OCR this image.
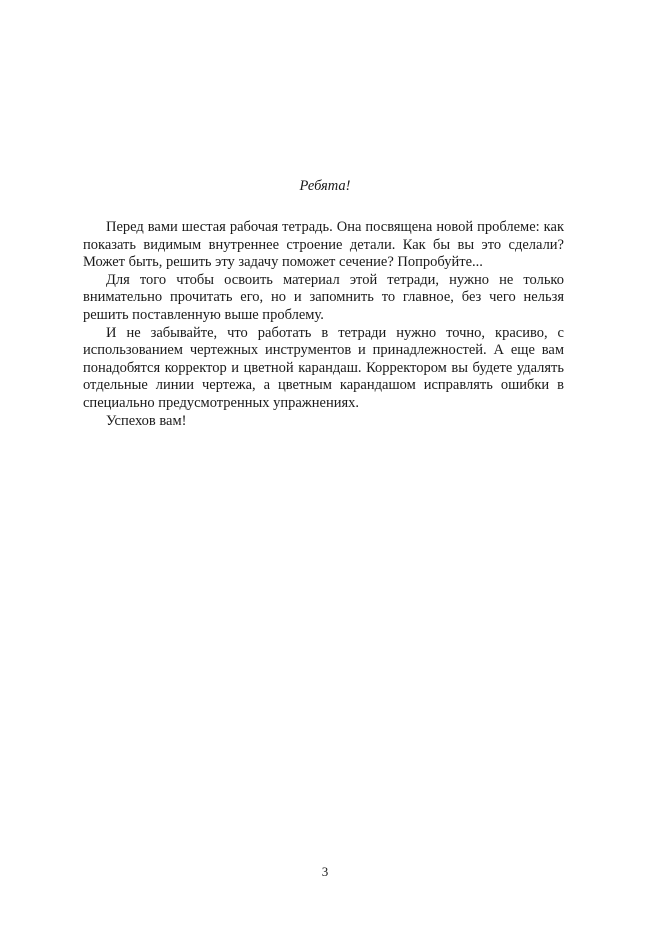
Ребята!

Перед вами шестая рабочая тетрадь. Она посвящена новой проблеме: как показать видимым внутреннее строение детали. Как бы вы это сделали? Может быть, решить эту задачу поможет сечение? Попробуйте...

Для того чтобы освоить материал этой тетради, нужно не только внимательно прочитать его, но и запомнить то главное, без чего нельзя решить поставленную выше проблему.

И не забывайте, что работать в тетради нужно точно, красиво, с использованием чертежных инструментов и принадлежностей. А еще вам понадобятся корректор и цветной карандаш. Корректором вы будете удалять отдельные линии чертежа, а цветным карандашом исправлять ошибки в специально предусмотренных упражнениях.

Успехов вам!

3
